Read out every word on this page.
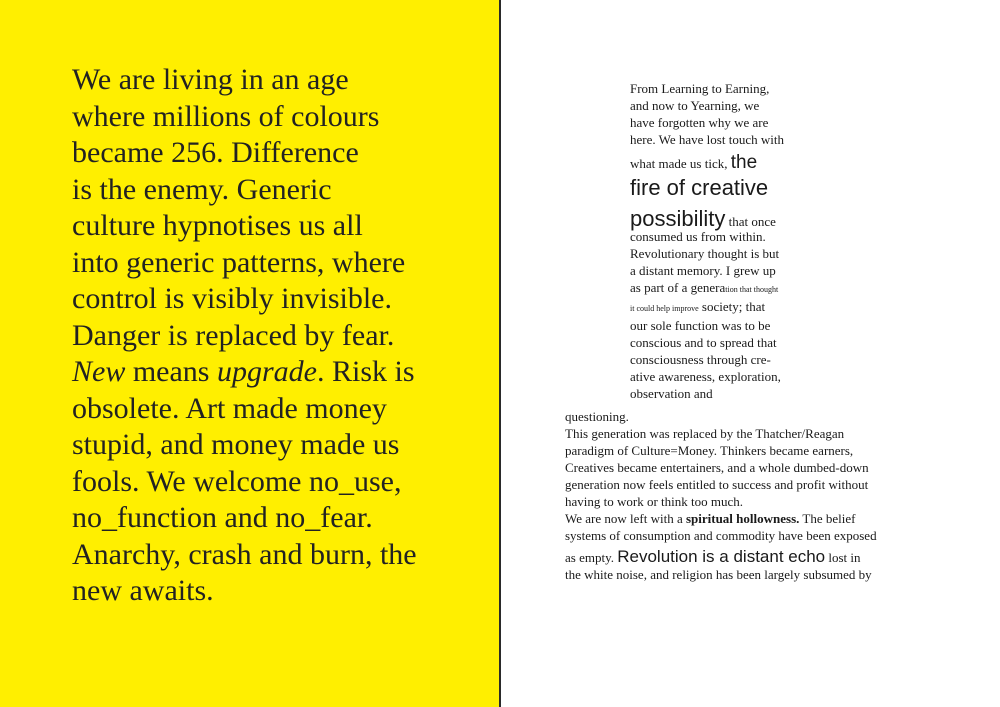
We are living in an age
where millions of colours
became 256. Difference
is the enemy. Generic
culture hypnotises us all
into generic patterns, where
control is visibly invisible.
Danger is replaced by fear.
New means upgrade. Risk is
obsolete. Art made money
stupid, and money made us
fools. We welcome no_use,
no_function and no_fear.
Anarchy, crash and burn, the
new awaits.
From Learning to Earning,
and now to Yearning, we
have forgotten why we are
here. We have lost touch with
what made us tick, the
fire of creative
possibility that once
consumed us from within.
Revolutionary thought is but
a distant memory. I grew up
as part of a generation that thought
it could help improve society; that
our sole function was to be
conscious and to spread that
consciousness through cre-
ative awareness, exploration,
observation and
questioning.
This generation was replaced by the Thatcher/Reagan
paradigm of Culture=Money. Thinkers became earners,
Creatives became entertainers, and a whole dumbed-down
generation now feels entitled to success and profit without
having to work or think too much.
We are now left with a spiritual hollowness. The belief
systems of consumption and commodity have been exposed
as empty. Revolution is a distant echo lost in
the white noise, and religion has been largely subsumed by
